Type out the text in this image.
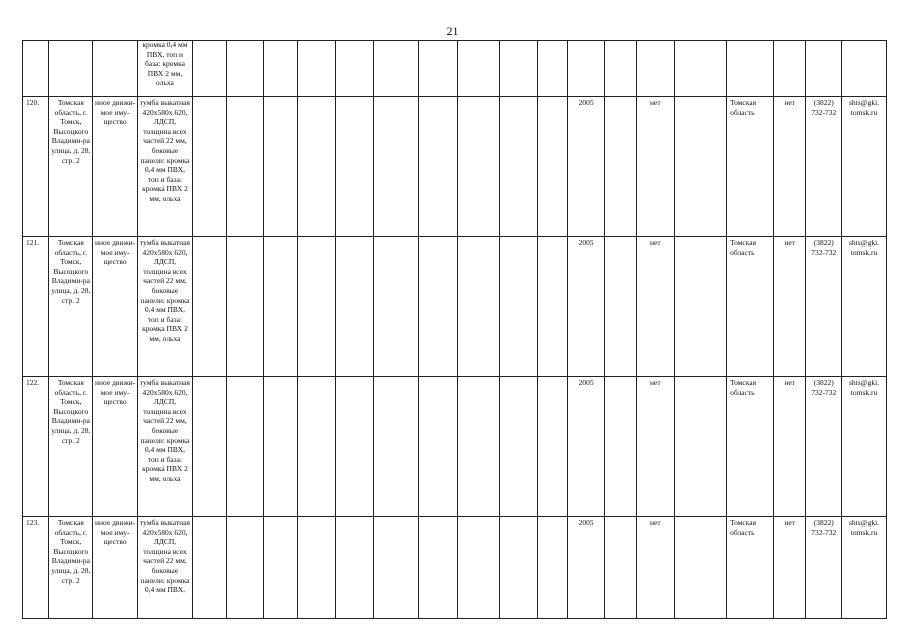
21

			кромка 0,4 мм ПВХ, топ и база: кромка ПВХ 2 мм, ольха																		

120.	Томская область, г. Томск, Высоцкого Владими-ра улица, д. 28, стр. 2	иное движи-мое иму-щество	тумба выкатная 420х580х 620, ЛДСП, толщина всех частей 22 мм, боковые панели: кромка 0,4 мм ПВХ, топ и база: кромка ПВХ 2 мм, ольха											2005		нет		Томская область	нет	(3822) 732-732	shts@gki. tomsk.ru
121.	Томская область, г. Томск, Высоцкого Владими-ра улица, д. 28, стр. 2	иное движи-мое иму-щество	тумба выкатная 420х580х 620, ЛДСП, толщина всех частей 22 мм, боковые панели: кромка 0,4 мм ПВХ, топ и база: кромка ПВХ 2 мм, ольха											2005		нет		Томская область	нет	(3822) 732-732	shts@gki. tomsk.ru
122.	Томская область, г. Томск, Высоцкого Владими-ра улица, д. 28, стр. 2	иное движи-мое иму-щество	тумба выкатная 420х580х 620, ЛДСП, толщина всех частей 22 мм, боковые панели: кромка 0,4 мм ПВХ, топ и база: кромка ПВХ 2 мм, ольха											2005		нет		Томская область	нет	(3822) 732-732	shts@gki. tomsk.ru
123.	Томская область, г. Томск, Высоцкого Владими-ра улица, д. 28, стр. 2	иное движи-мое иму-щество	тумба выкатная 420х580х 620, ЛДСП, толщина всех частей 22 мм, боковые панели: кромка 0,4 мм ПВХ,											2005		нет		Томская область	нет	(3822) 732-732	shts@gki. tomsk.ru
